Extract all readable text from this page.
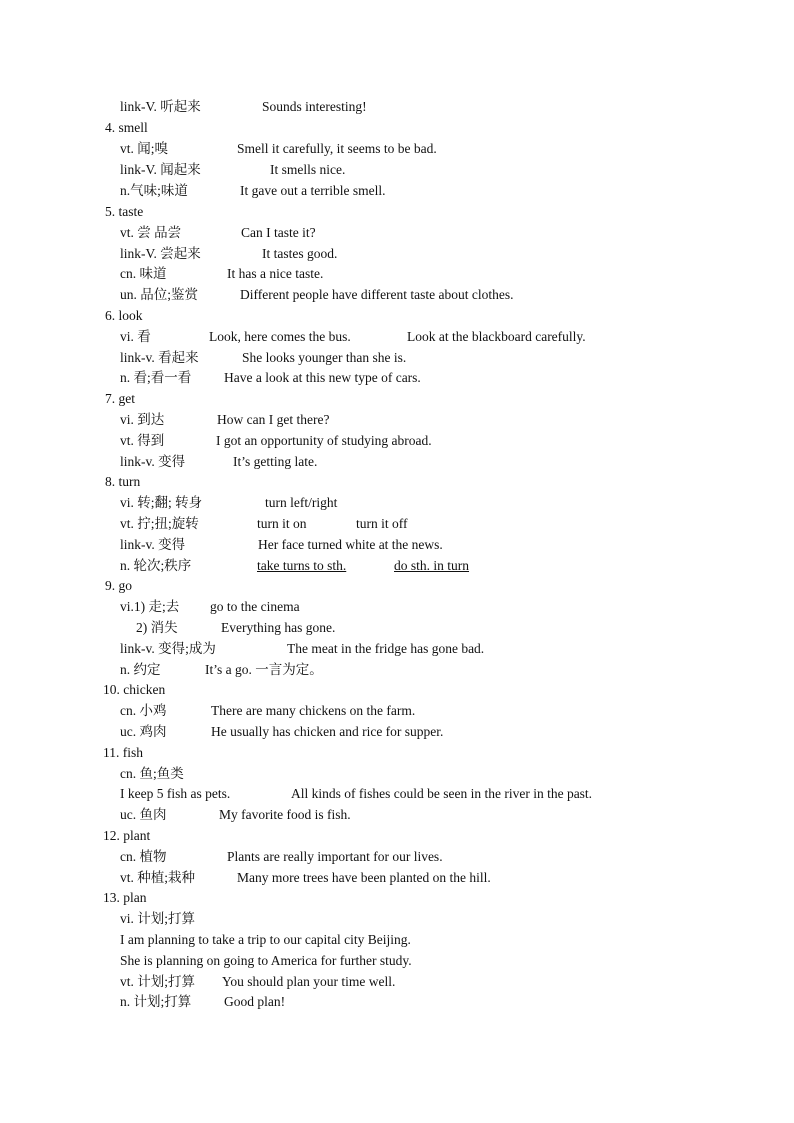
link-V. 听起来	Sounds interesting!
4. smell
vt. 闻;嗅	Smell it carefully, it seems to be bad.
link-V. 闻起来	It smells nice.
n.气味;味道	It gave out a terrible smell.
5. taste
vt. 尝 品尝	Can I taste it?
link-V. 尝起来	It tastes good.
cn. 味道	It has a nice taste.
un. 品位;鉴赏	Different people have different taste about clothes.
6. look
vi. 看	Look, here comes the bus.	Look at the blackboard carefully.
link-v. 看起来	She looks younger than she is.
n. 看;看一看 Have a look at this new type of cars.
7. get
vi. 到达	How can I get there?
vt. 得到	I got an opportunity of studying abroad.
link-v. 变得	It’s getting late.
8. turn
vi. 转;翻; 转身	turn left/right
vt. 拧;扭;旋转	turn it on	turn it off
link-v. 变得	Her face turned white at the news.
n. 轮次;秩序	take turns to sth.	do sth. in turn
9. go
vi.1) 走;去 go to the cinema
2) 消失	Everything has gone.
link-v. 变得;成为	The meat in the fridge has gone bad.
n. 约定	It’s a go. 一言为定。
10. chicken
cn. 小鸡	There are many chickens on the farm.
uc. 鸡肉	He usually has chicken and rice for supper.
11. fish
cn. 鱼;鱼类
I keep 5 fish as pets.	All kinds of fishes could be seen in the river in the past.
uc. 鱼肉	My favorite food is fish.
12. plant
cn. 植物	Plants are really important for our lives.
vt. 种植;栽种	Many more trees have been planted on the hill.
13. plan
vi. 计划;打算
I am planning to take a trip to our capital city Beijing.
She is planning on going to America for further study.
vt. 计划;打算 You should plan your time well.
n. 计划;打算 Good plan!
